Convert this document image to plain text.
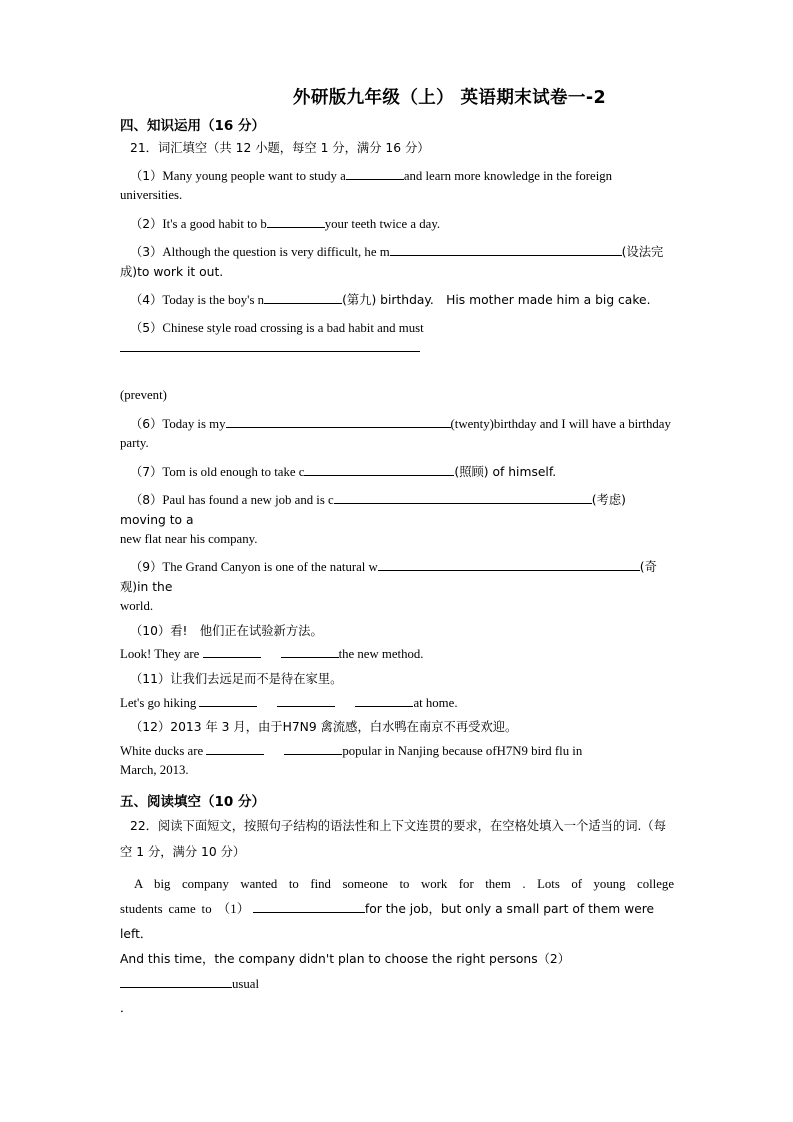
外研版九年级（上） 英语期末试卷一-2
四、知识运用（16 分）
21．词汇填空（共 12 小题，每空 1 分，满分 16 分）
（1）Many young people want to study a	and learn more knowledge in the foreign
universities.
（2）It's a good habit to b	your teeth twice a day.
（3）Although the question is very difficult, he m	(设法完
成)to work it out.
（4）Today is the boy's n	(第九) birthday.　His mother made him a big cake.
（5）Chinese style road crossing is a bad habit and must
(prevent)
（6）Today is my	(twenty)birthday and I will have a birthday
party.
（7）Tom is old enough to take c	(照顾) of himself.
（8）Paul has found a new job and is c	(考虑) moving to a
new flat near his company.
（9）The Grand Canyon is one of the natural w	(奇观)in the
world.
（10）看!　他们正在试验新方法。
Look! They are	the new method.
（11）让我们去远足而不是待在家里。
Let's go hiking	at home.
（12）2013 年 3 月，由于H7N9 禽流感，白水鸭在南京不再受欢迎。
White ducks are	popular in Nanjing because ofH7N9 bird flu in
March, 2013.
五、阅读填空（10 分）
22．阅读下面短文，按照句子结构的语法性和上下文连贯的要求，在空格处填入一个适当的词.（每
空 1 分，满分 10 分）
A big company wanted to find someone to work for them . Lots of young college
students came to （1）	for the job，but only a small part of them were left．
And this time，the company didn't plan to choose the right persons（2） usual
．
